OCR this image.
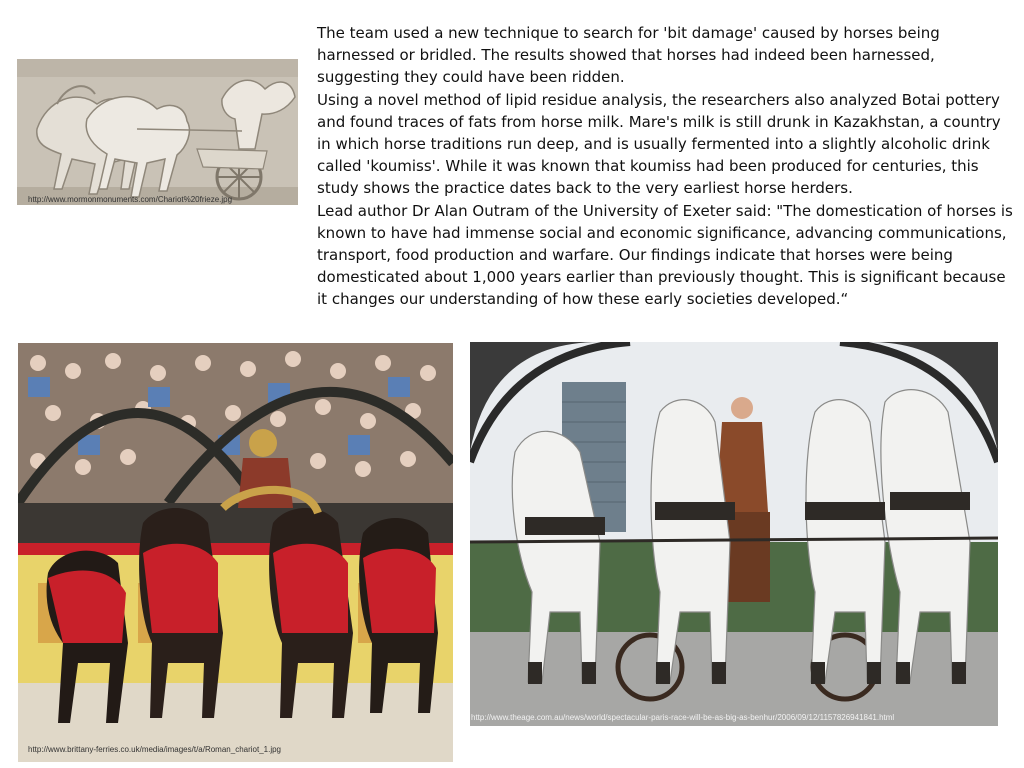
http://www.mormonmonuments.com/Chariot%20frieze.jpg

The team used a new technique to search for 'bit damage' caused by horses being harnessed or bridled. The results showed that horses had indeed been harnessed, suggesting they could have been ridden.

Using a novel method of lipid residue analysis, the researchers also analyzed Botai pottery and found traces of fats from horse milk. Mare's milk is still drunk in Kazakhstan, a country in which horse traditions run deep, and is usually fermented into a slightly alcoholic drink called 'koumiss'. While it was known that koumiss had been produced for centuries, this study shows the practice dates back to the very earliest horse herders.

Lead author Dr Alan Outram of the University of Exeter said: "The domestication of horses is known to have had immense social and economic significance, advancing communications, transport, food production and warfare. Our findings indicate that horses were being domesticated about 1,000 years earlier than previously thought. This is significant because it changes our understanding of how these early societies developed.“

http://www.brittany-ferries.co.uk/media/images/t/a/Roman_chariot_1.jpg
http://www.theage.com.au/news/world/spectacular-paris-race-will-be-as-big-as-benhur/2006/09/12/1157826941841.html
